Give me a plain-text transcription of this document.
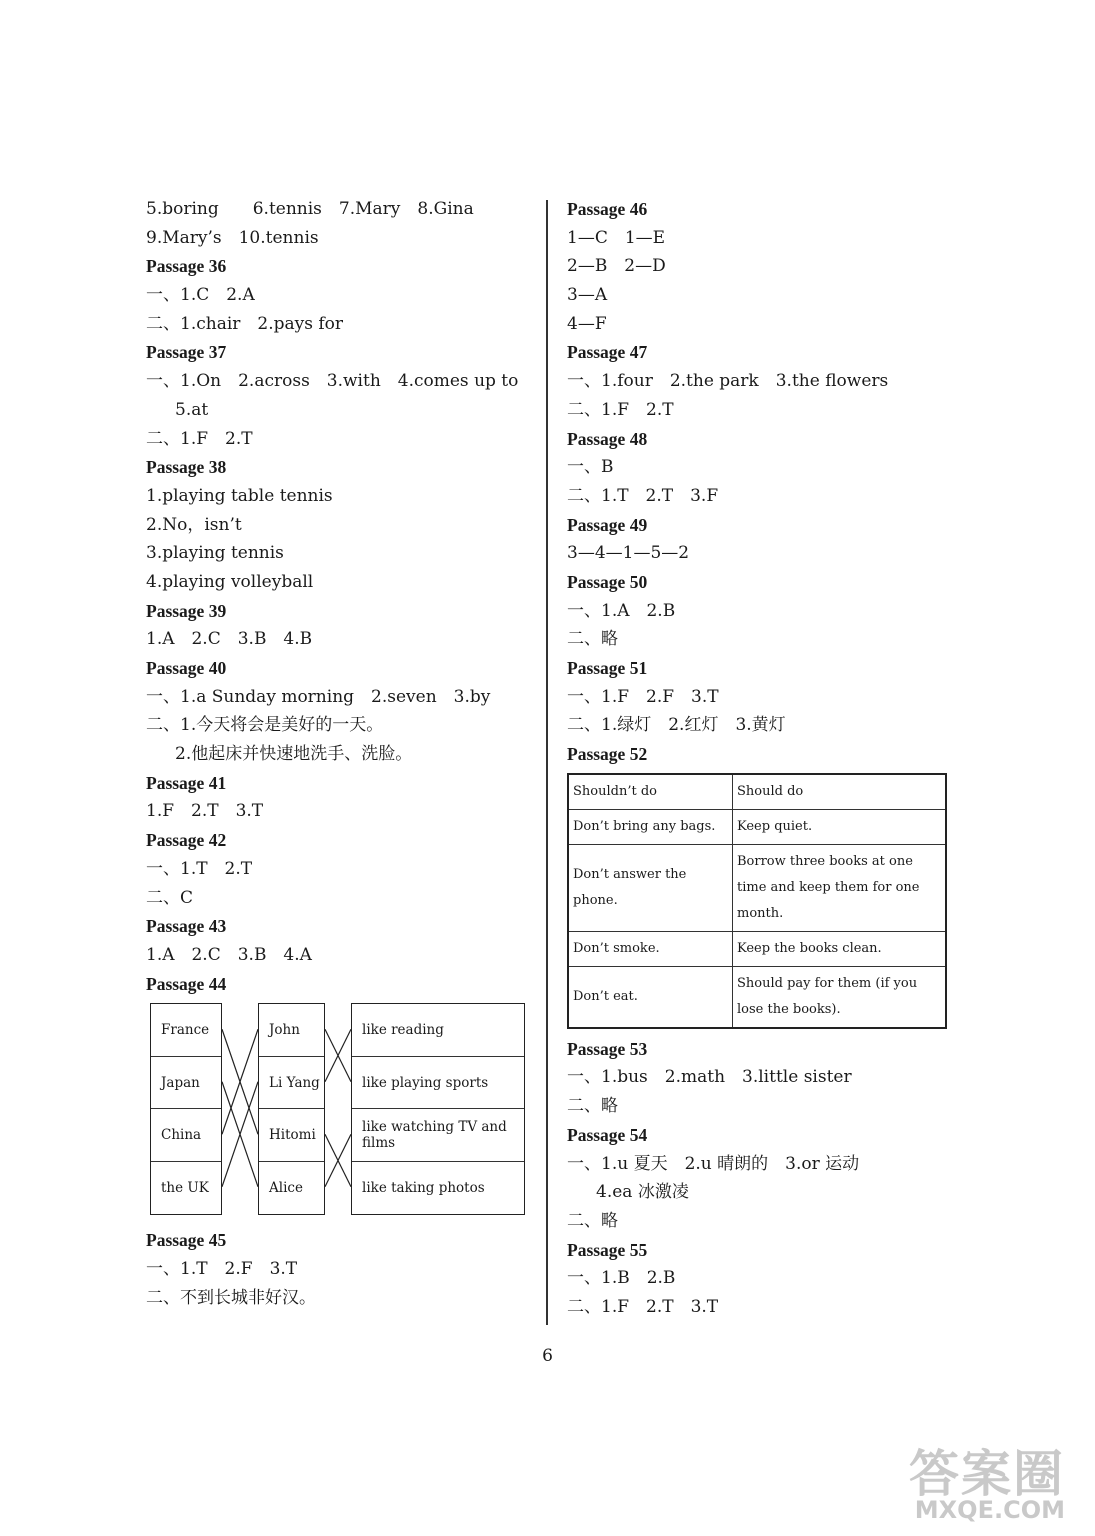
5.boring　　6.tennis　7.Mary　8.Gina
9.Mary’s　10.tennis
Passage 36
一、1.C　2.A
二、1.chair　2.pays for
Passage 37
一、1.On　2.across　3.with　4.comes up to
5.at
二、1.F　2.T
Passage 38
1.playing table tennis
2.No，isn’t
3.playing tennis
4.playing volleyball
Passage 39
1.A　2.C　3.B　4.B
Passage 40
一、1.a Sunday morning　2.seven　3.by
二、1.今天将会是美好的一天。
2.他起床并快速地洗手、洗脸。
Passage 41
1.F　2.T　3.T
Passage 42
一、1.T　2.T
二、C
Passage 43
1.A　2.C　3.B　4.A
Passage 44
France
Japan
China
the UK
John
Li Yang
Hitomi
Alice
like reading
like playing sports
like watching TV and films
like taking photos
Passage 45
一、1.T　2.F　3.T
二、不到长城非好汉。
Passage 46
1—C　1—E
2—B　2—D
3—A
4—F
Passage 47
一、1.four　2.the park　3.the flowers
二、1.F　2.T
Passage 48
一、B
二、1.T　2.T　3.F
Passage 49
3—4—1—5—2
Passage 50
一、1.A　2.B
二、略
Passage 51
一、1.F　2.F　3.T
二、1.绿灯　2.红灯　3.黄灯
Passage 52
Shouldn’t do	Should do
Don’t bring any bags.	Keep quiet.
Don’t answer the phone.	Borrow three books at one time and keep them for one month.
Don’t smoke.	Keep the books clean.
Don’t eat.	Should pay for them (if you lose the books).
Passage 53
一、1.bus　2.math　3.little sister
二、略
Passage 54
一、1.u 夏天　2.u 晴朗的　3.or 运动
4.ea 冰激凌
二、略
Passage 55
一、1.B　2.B
二、1.F　2.T　3.T
6
答案圈
MXQE.COM
